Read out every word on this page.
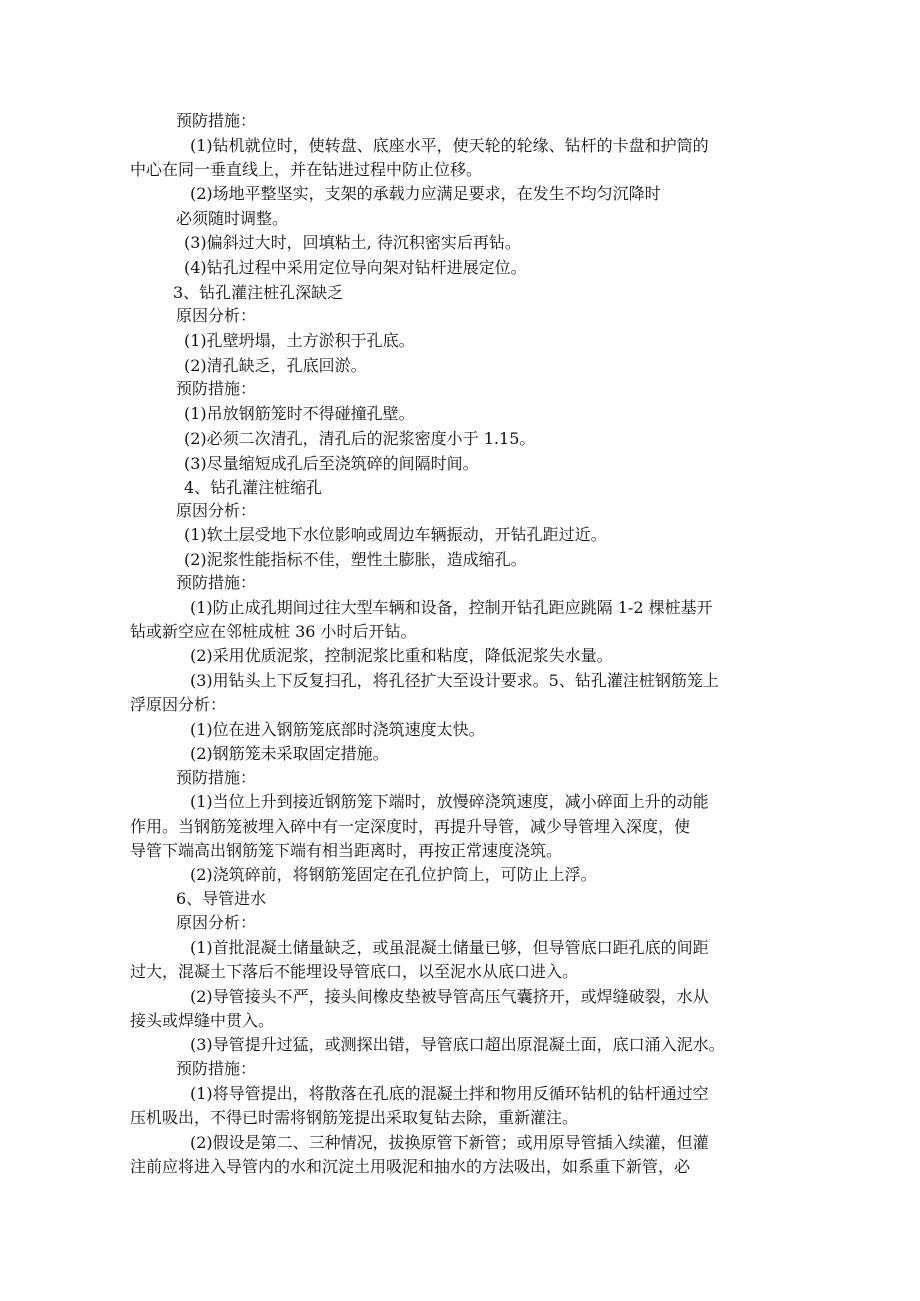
预防措施：
(1)钻机就位时，使转盘、底座水平，使天轮的轮缘、钻杆的卡盘和护筒的
中心在同一垂直线上，并在钻进过程中防止位移。
(2)场地平整坚实，支架的承载力应满足要求，在发生不均匀沉降时
必须随时调整。
(3)偏斜过大时，回填粘土, 待沉积密实后再钻。
(4)钻孔过程中采用定位导向架对钻杆进展定位。
3、钻孔灌注桩孔深缺乏
原因分析：
(1)孔壁坍塌，土方淤积于孔底。
(2)清孔缺乏，孔底回淤。
预防措施：
(1)吊放钢筋笼时不得碰撞孔壁。
(2)必须二次清孔，清孔后的泥浆密度小于 1.15。
(3)尽量缩短成孔后至浇筑碎的间隔时间。
4、钻孔灌注桩缩孔
原因分析：
(1)软土层受地下水位影响或周边车辆振动，开钻孔距过近。
(2)泥浆性能指标不佳，塑性土膨胀，造成缩孔。
预防措施：
(1)防止成孔期间过往大型车辆和设备，控制开钻孔距应跳隔 1-2 棵桩基开
钻或新空应在邻桩成桩 36 小时后开钻。
(2)采用优质泥浆，控制泥浆比重和粘度，降低泥浆失水量。
(3)用钻头上下反复扫孔，将孔径扩大至设计要求。5、钻孔灌注桩钢筋笼上
浮原因分析：
(1)位在进入钢筋笼底部时浇筑速度太快。
(2)钢筋笼未采取固定措施。
预防措施：
(1)当位上升到接近钢筋笼下端时，放慢碎浇筑速度，减小碎面上升的动能
作用。当钢筋笼被埋入碎中有一定深度时，再提升导管，减少导管埋入深度，使
导管下端高出钢筋笼下端有相当距离时，再按正常速度浇筑。
(2)浇筑碎前，将钢筋笼固定在孔位护筒上，可防止上浮。
6、导管进水
原因分析：
(1)首批混凝土储量缺乏，或虽混凝土储量已够，但导管底口距孔底的间距
过大，混凝土下落后不能埋设导管底口，以至泥水从底口进入。
(2)导管接头不严，接头间橡皮垫被导管高压气囊挤开，或焊缝破裂，水从
接头或焊缝中贯入。
(3)导管提升过猛，或测探出错，导管底口超出原混凝土面，底口涌入泥水。
预防措施：
(1)将导管提出，将散落在孔底的混凝土拌和物用反循环钻机的钻杆通过空
压机吸出，不得已时需将钢筋笼提出采取复钻去除，重新灌注。
(2)假设是第二、三种情况，拔换原管下新管；或用原导管插入续灌，但灌
注前应将进入导管内的水和沉淀土用吸泥和抽水的方法吸出，如系重下新管，必
